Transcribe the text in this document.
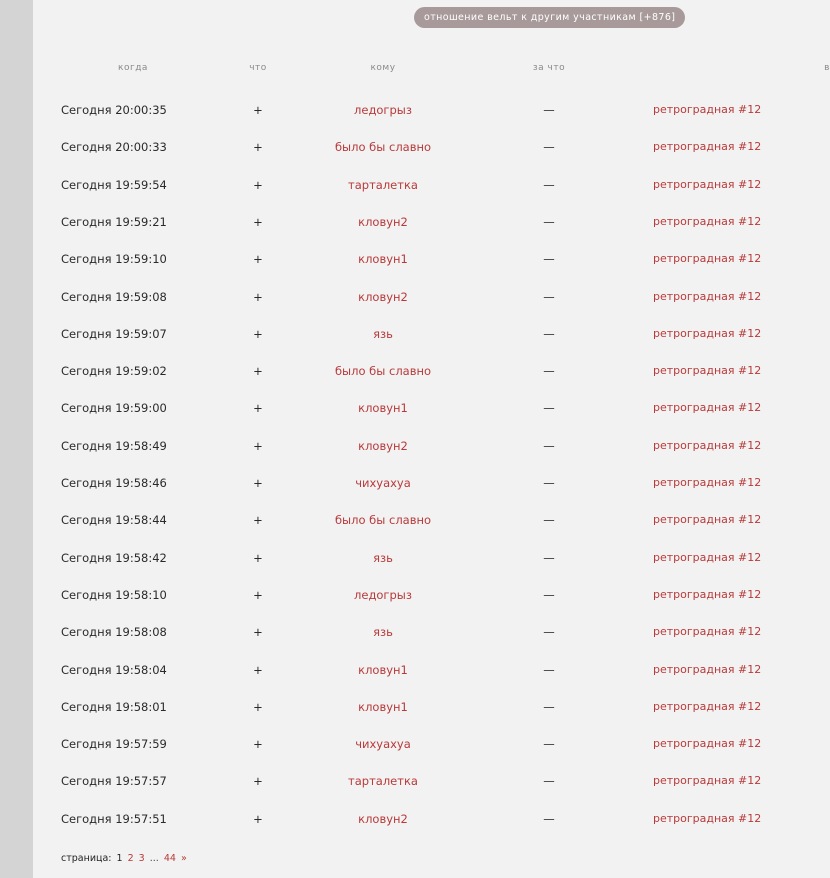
отношение вельт к другим участникам [+876]
когда	что	кому	за что	в
Сегодня 20:00:35	+	ледогрыз	—	ретроградная #12
Сегодня 20:00:33	+	было бы славно	—	ретроградная #12
Сегодня 19:59:54	+	тарталетка	—	ретроградная #12
Сегодня 19:59:21	+	кловун2	—	ретроградная #12
Сегодня 19:59:10	+	кловун1	—	ретроградная #12
Сегодня 19:59:08	+	кловун2	—	ретроградная #12
Сегодня 19:59:07	+	язь	—	ретроградная #12
Сегодня 19:59:02	+	было бы славно	—	ретроградная #12
Сегодня 19:59:00	+	кловун1	—	ретроградная #12
Сегодня 19:58:49	+	кловун2	—	ретроградная #12
Сегодня 19:58:46	+	чихуахуа	—	ретроградная #12
Сегодня 19:58:44	+	было бы славно	—	ретроградная #12
Сегодня 19:58:42	+	язь	—	ретроградная #12
Сегодня 19:58:10	+	ледогрыз	—	ретроградная #12
Сегодня 19:58:08	+	язь	—	ретроградная #12
Сегодня 19:58:04	+	кловун1	—	ретроградная #12
Сегодня 19:58:01	+	кловун1	—	ретроградная #12
Сегодня 19:57:59	+	чихуахуа	—	ретроградная #12
Сегодня 19:57:57	+	тарталетка	—	ретроградная #12
Сегодня 19:57:51	+	кловун2	—	ретроградная #12
страница: 1 2 3 ... 44 »
